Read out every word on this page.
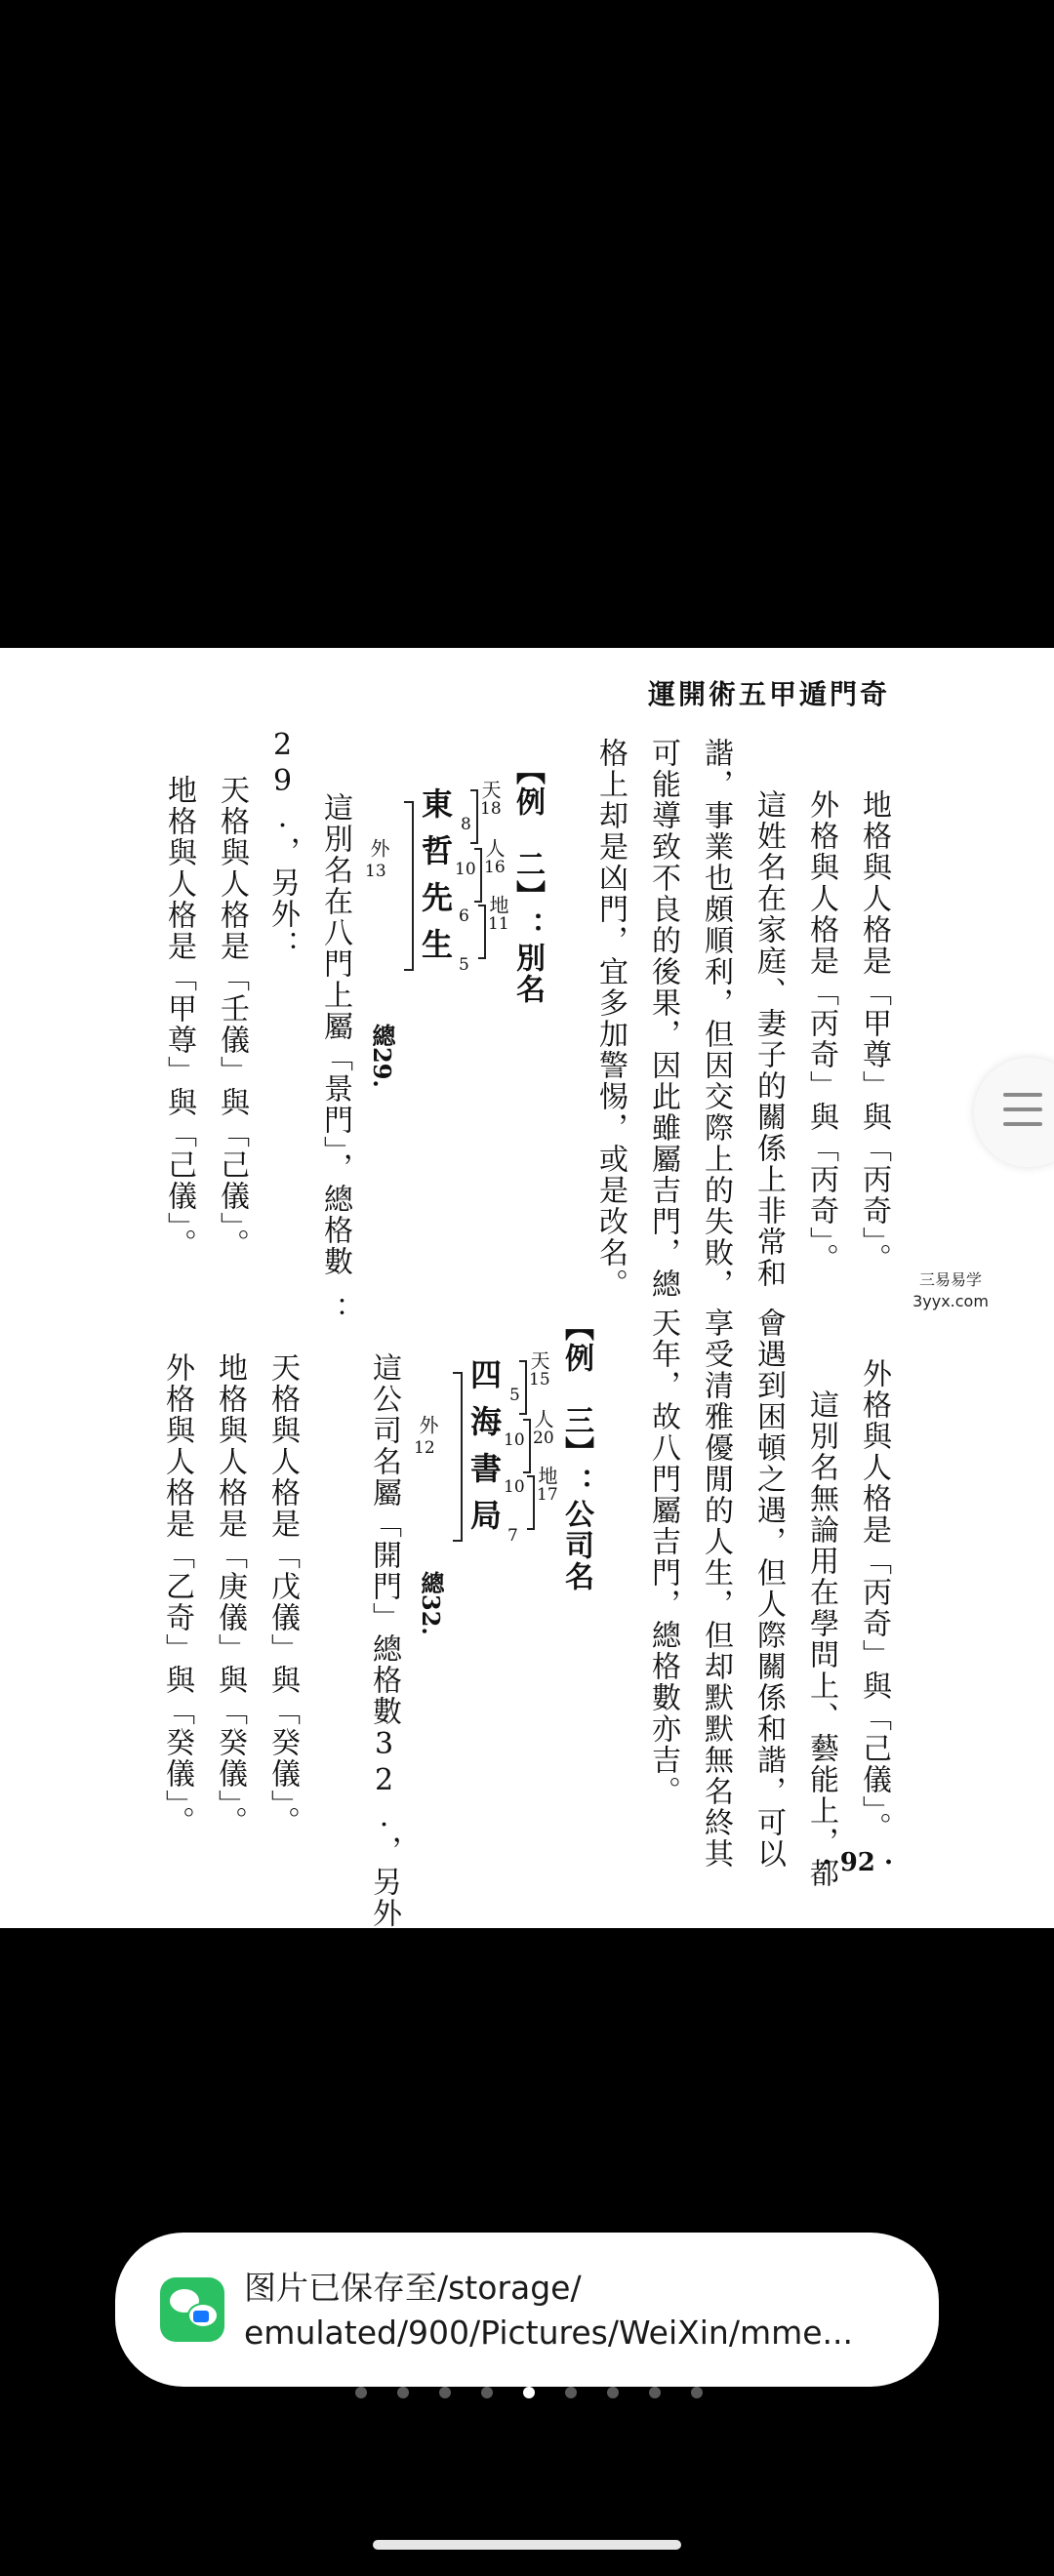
運開術五甲遁門奇
三易易学
3yyx.com
地格與人格是「甲尊」與「丙奇」。
外格與人格是「丙奇」與「丙奇」。
這姓名在家庭、妻子的關係上非常和
諧，事業也頗順利，但因交際上的失敗，
可能導致不良的後果，因此雖屬吉門，總
格上却是凶門，宜多加警惕，或是改名。
【例　二】：別名
東
哲
先
生
8
10
6
5
天
18
人
16
地
11
外
13
總29.
這別名在八門上屬「景門」，總格數
29.，另外：
天格與人格是「壬儀」與「己儀」。
地格與人格是「甲尊」與「己儀」。
外格與人格是「丙奇」與「己儀」。
　這別名無論用在學問上、藝能上，都
會遇到困頓之遇，但人際關係和諧，可以
享受清雅優閒的人生，但却默默無名終其
天年，故八門屬吉門，總格數亦吉。
【例　三】：公司名
四
海
書
局
5
10
10
7
天
15
人
20
地
17
外
12
總32.
這公司名屬「開門」總格數32.，另外
：
天格與人格是「戊儀」與「癸儀」。
地格與人格是「庚儀」與「癸儀」。
外格與人格是「乙奇」與「癸儀」。
· 92 ·
图片已保存至/storage/
emulated/900/Pictures/WeiXin/mme...
